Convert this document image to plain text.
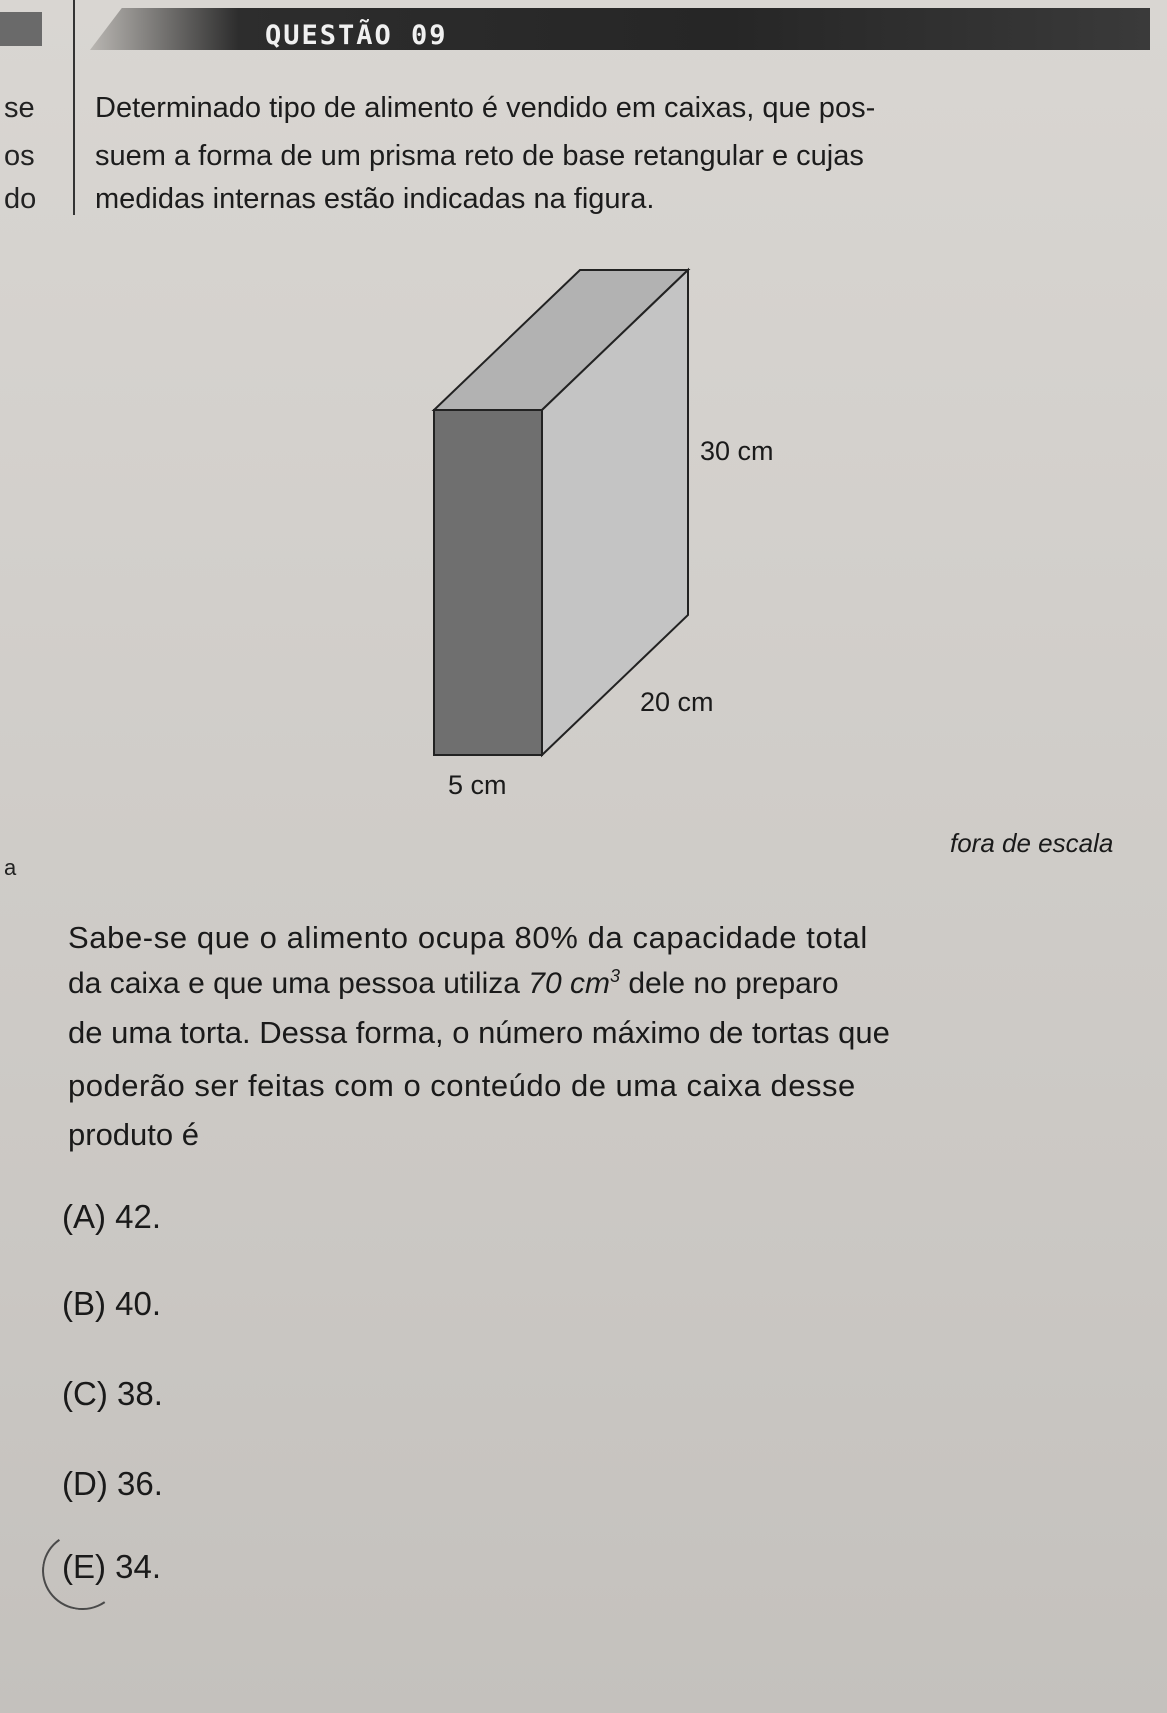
QUESTÃO 09
se
os
do
a
Determinado tipo de alimento é vendido em caixas, que pos-
suem a forma de um prisma reto de base retangular e cujas
medidas internas estão indicadas na figura.
30 cm
20 cm
5 cm
fora de escala
Sabe-se que o alimento ocupa 80% da capacidade total
da caixa e que uma pessoa utiliza 70 $cm^3$ dele no preparo
de uma torta. Dessa forma, o número máximo de tortas que
poderão ser feitas com o conteúdo de uma caixa desse
produto é
(A) 42.
(B) 40.
(C) 38.
(D) 36.
(E) 34.
